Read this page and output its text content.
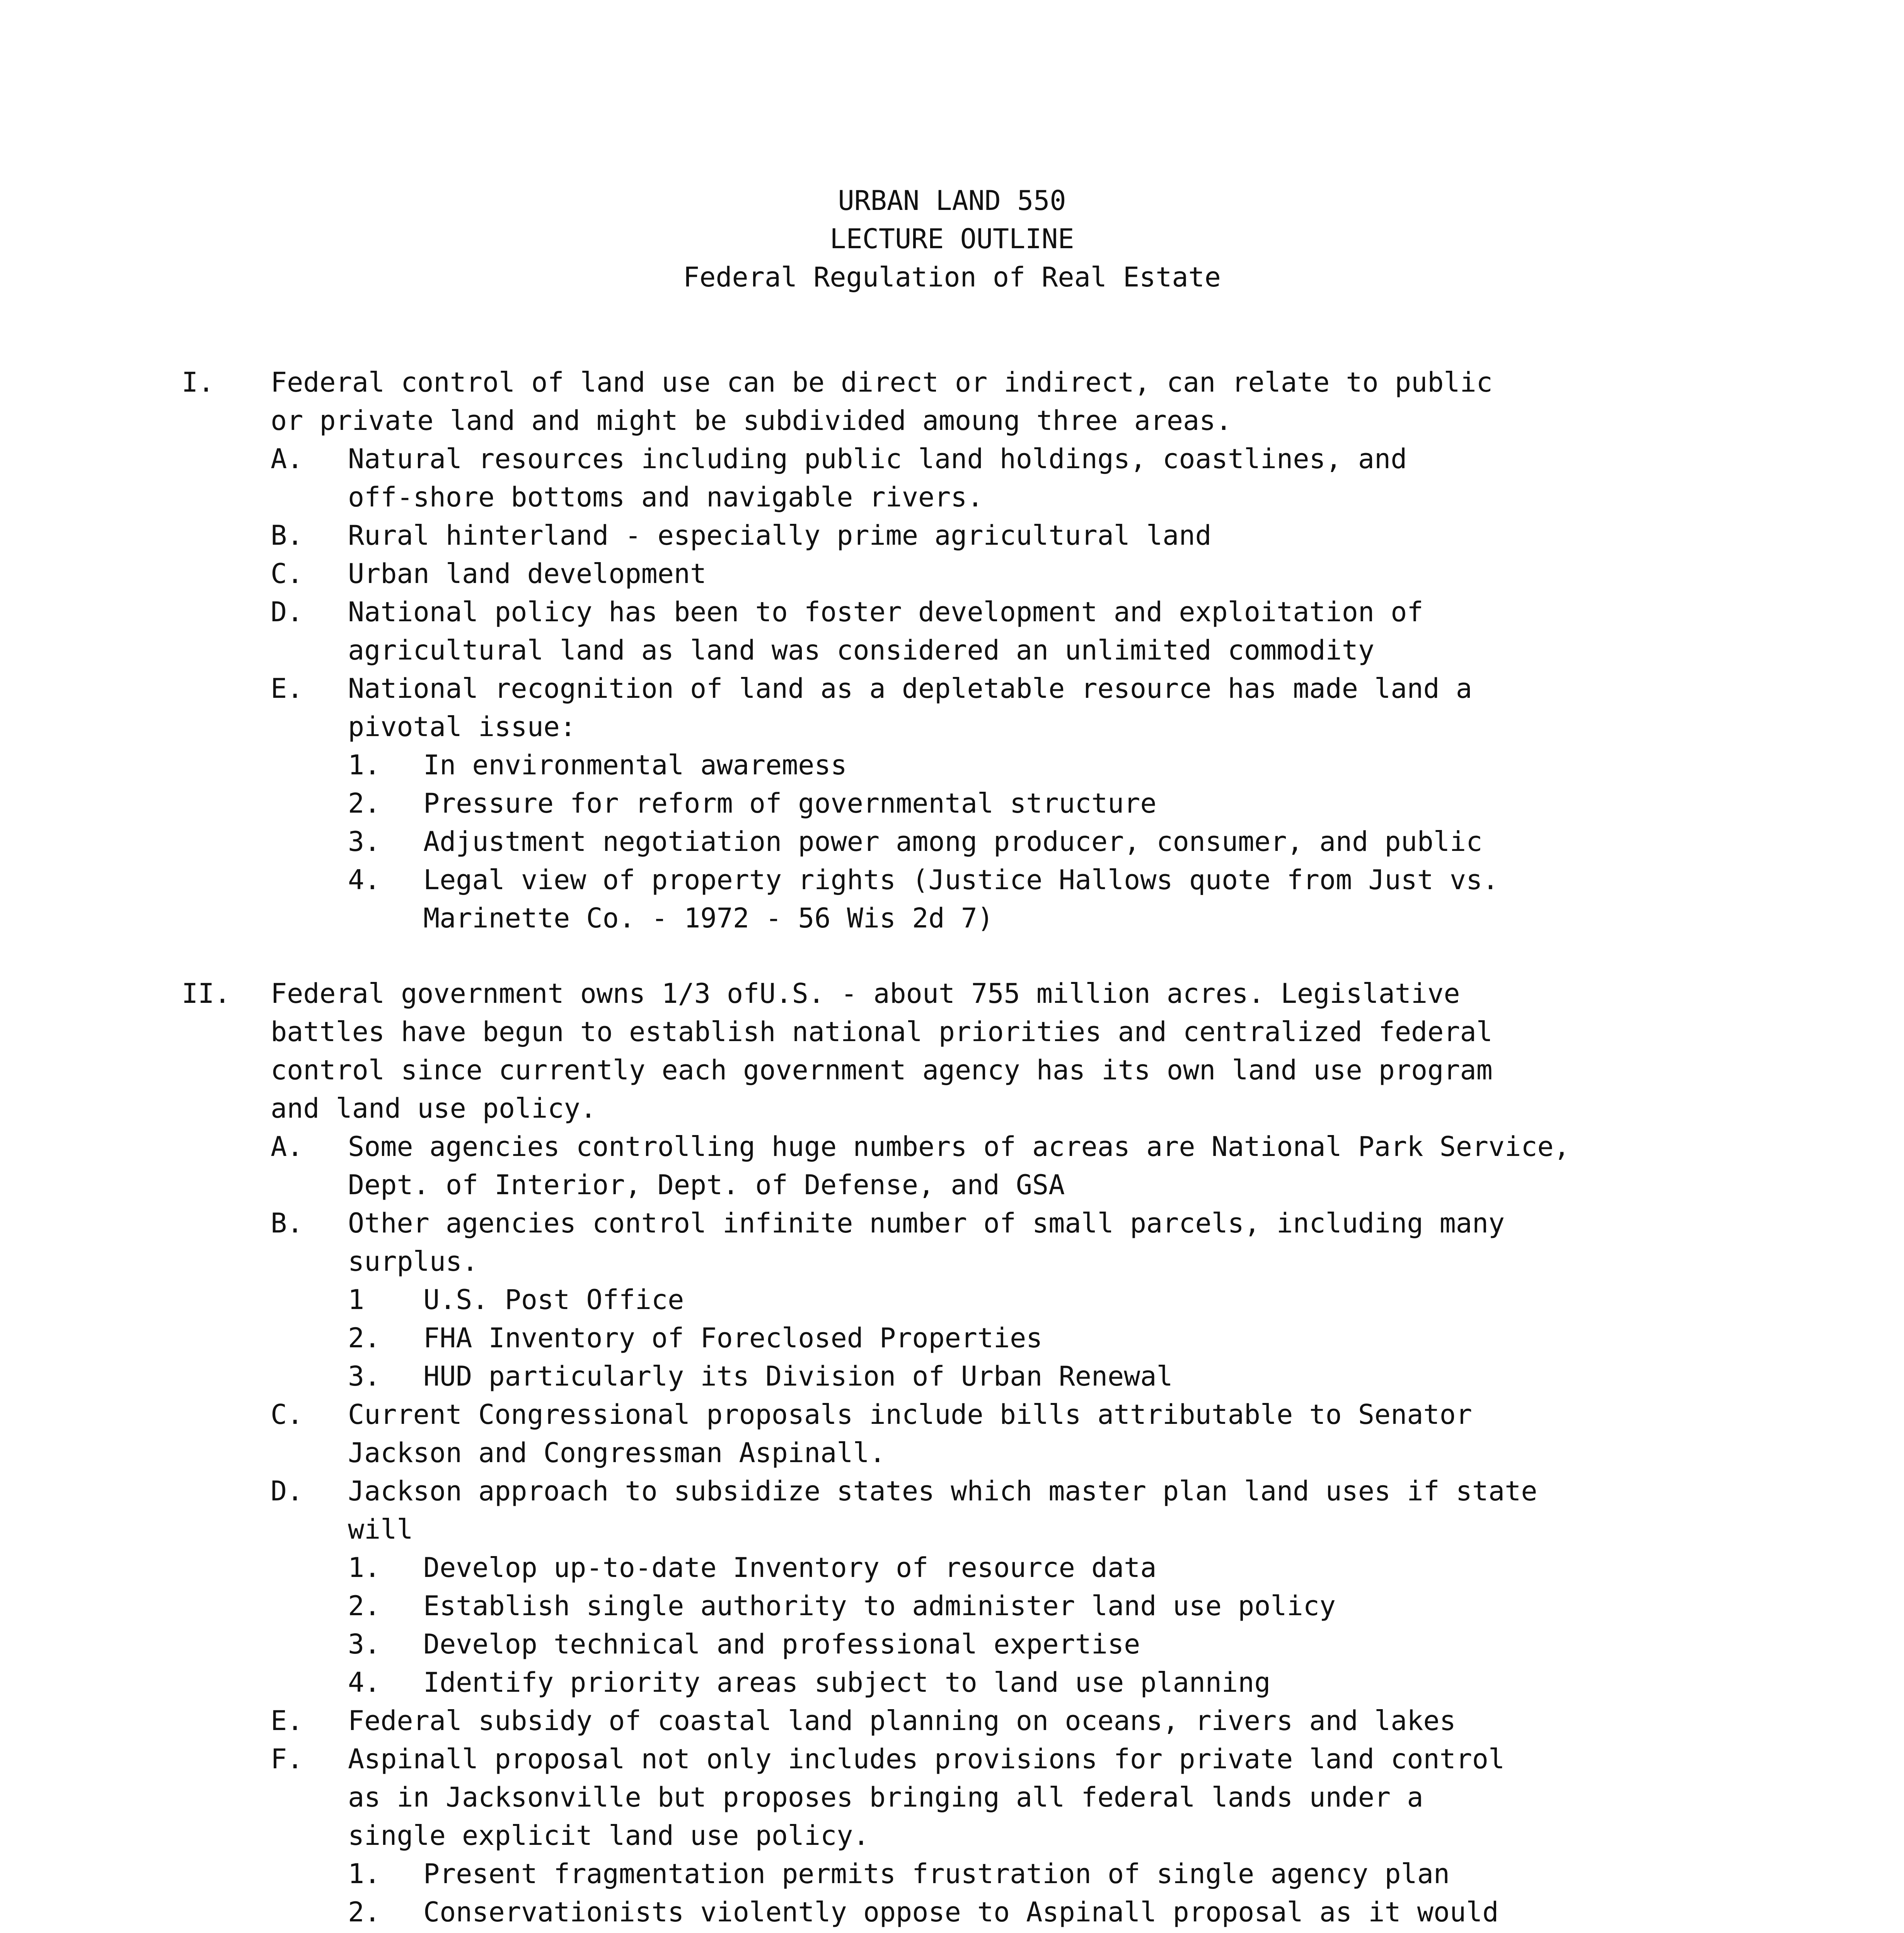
URBAN LAND 550
LECTURE OUTLINE
Federal Regulation of Real Estate
I. Federal control of land use can be direct or indirect, can relate to public
or private land and might be subdivided amoung three areas.
A. Natural resources including public land holdings, coastlines, and
off-shore bottoms and navigable rivers.
B. Rural hinterland - especially prime agricultural land
C. Urban land development
D. National policy has been to foster development and exploitation of
agricultural land as land was considered an unlimited commodity
E. National recognition of land as a depletable resource has made land a
pivotal issue:
1. In environmental awaremess
2. Pressure for reform of governmental structure
3. Adjustment negotiation power among producer, consumer, and public
4. Legal view of property rights (Justice Hallows quote from Just vs.
Marinette Co. - 1972 - 56 Wis 2d 7)
II. Federal government owns 1/3 ofU.S. - about 755 million acres. Legislative
battles have begun to establish national priorities and centralized federal
control since currently each government agency has its own land use program
and land use policy.
A. Some agencies controlling huge numbers of acreas are National Park Service,
Dept. of Interior, Dept. of Defense, and GSA
B. Other agencies control infinite number of small parcels, including many
surplus.
1 U.S. Post Office
2. FHA Inventory of Foreclosed Properties
3. HUD particularly its Division of Urban Renewal
C. Current Congressional proposals include bills attributable to Senator
Jackson and Congressman Aspinall.
D. Jackson approach to subsidize states which master plan land uses if state
will
1. Develop up-to-date Inventory of resource data
2. Establish single authority to administer land use policy
3. Develop technical and professional expertise
4. Identify priority areas subject to land use planning
E. Federal subsidy of coastal land planning on oceans, rivers and lakes
F. Aspinall proposal not only includes provisions for private land control
as in Jacksonville but proposes bringing all federal lands under a
single explicit land use policy.
1. Present fragmentation permits frustration of single agency plan
2. Conservationists violently oppose to Aspinall proposal as it would
